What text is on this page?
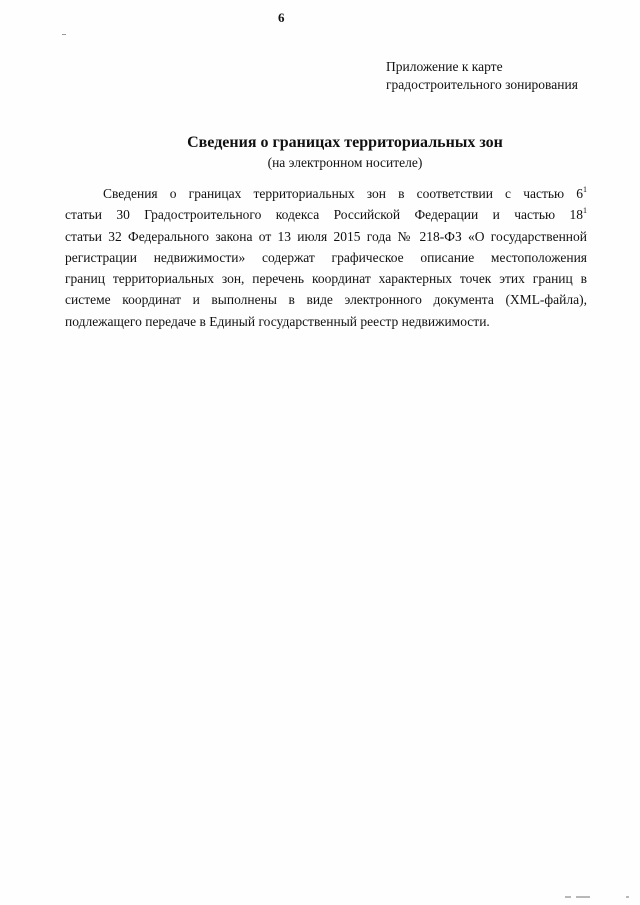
6
Приложение к карте
градостроительного зонирования
Сведения о границах территориальных зон
(на электронном носителе)
Сведения о границах территориальных зон в соответствии с частью $6^1$
статьи 30 Градостроительного кодекса Российской Федерации и частью $18^1$
статьи 32 Федерального закона от 13 июля 2015 года № 218-ФЗ «О государственной
регистрации недвижимости» содержат графическое описание местоположения
границ территориальных зон, перечень координат характерных точек этих границ в
системе координат и выполнены в виде электронного документа (XML-файла),
подлежащего передаче в Единый государственный реестр недвижимости.
